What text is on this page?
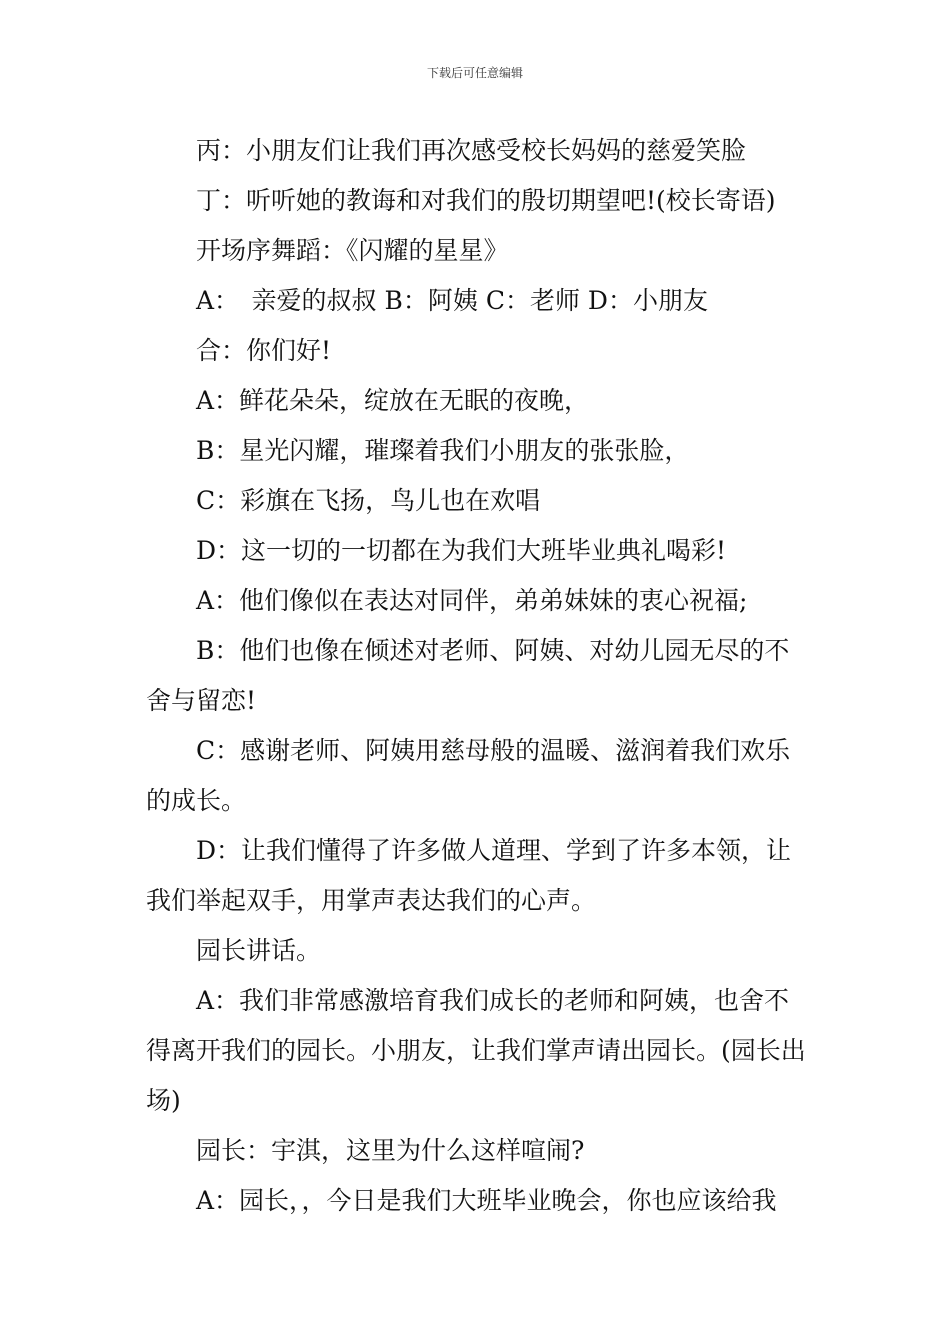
下载后可任意编辑

丙：小朋友们让我们再次感受校长妈妈的慈爱笑脸

丁：听听她的教诲和对我们的殷切期望吧!(校长寄语)

开场序舞蹈：《闪耀的星星》

A：　亲爱的叔叔 B：阿姨 C：老师 D：小朋友

合：你们好!

A：鲜花朵朵，绽放在无眠的夜晚，

B：星光闪耀，璀璨着我们小朋友的张张脸，

C：彩旗在飞扬，鸟儿也在欢唱

D：这一切的一切都在为我们大班毕业典礼喝彩!

A：他们像似在表达对同伴，弟弟妹妹的衷心祝福;

B：他们也像在倾述对老师、阿姨、对幼儿园无尽的不舍与留恋!

C：感谢老师、阿姨用慈母般的温暖、滋润着我们欢乐的成长。

D：让我们懂得了许多做人道理、学到了许多本领，让我们举起双手，用掌声表达我们的心声。

园长讲话。

A：我们非常感激培育我们成长的老师和阿姨，也舍不得离开我们的园长。小朋友，让我们掌声请出园长。(园长出场)

园长：宇淇，这里为什么这样喧闹?

A：园长，，今日是我们大班毕业晚会，你也应该给我
